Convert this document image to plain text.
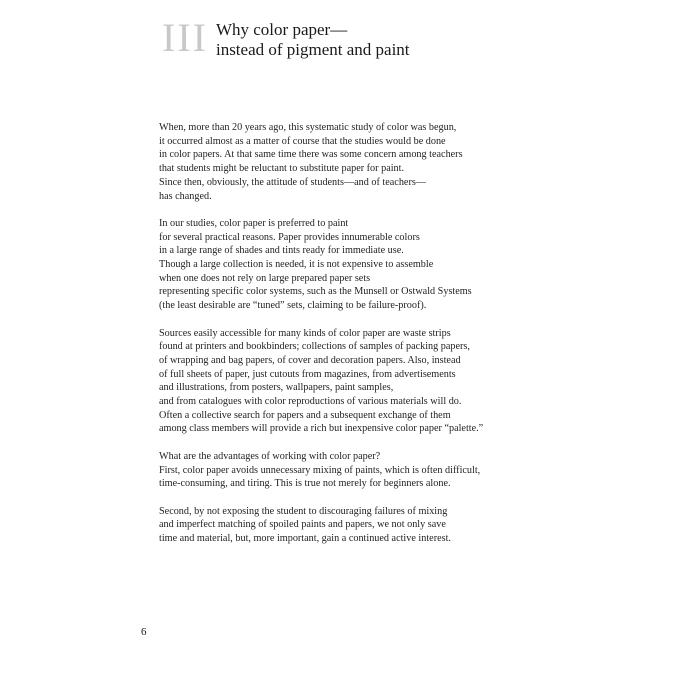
III Why color paper—
instead of pigment and paint

When, more than 20 years ago, this systematic study of color was begun,
it occurred almost as a matter of course that the studies would be done
in color papers. At that same time there was some concern among teachers
that students might be reluctant to substitute paper for paint.
Since then, obviously, the attitude of students—and of teachers—
has changed.

In our studies, color paper is preferred to paint
for several practical reasons. Paper provides innumerable colors
in a large range of shades and tints ready for immediate use.
Though a large collection is needed, it is not expensive to assemble
when one does not rely on large prepared paper sets
representing specific color systems, such as the Munsell or Ostwald Systems
(the least desirable are “tuned” sets, claiming to be failure-proof).

Sources easily accessible for many kinds of color paper are waste strips
found at printers and bookbinders; collections of samples of packing papers,
of wrapping and bag papers, of cover and decoration papers. Also, instead
of full sheets of paper, just cutouts from magazines, from advertisements
and illustrations, from posters, wallpapers, paint samples,
and from catalogues with color reproductions of various materials will do.
Often a collective search for papers and a subsequent exchange of them
among class members will provide a rich but inexpensive color paper “palette.”

What are the advantages of working with color paper?
First, color paper avoids unnecessary mixing of paints, which is often difficult,
time-consuming, and tiring. This is true not merely for beginners alone.

Second, by not exposing the student to discouraging failures of mixing
and imperfect matching of spoiled paints and papers, we not only save
time and material, but, more important, gain a continued active interest.

6
